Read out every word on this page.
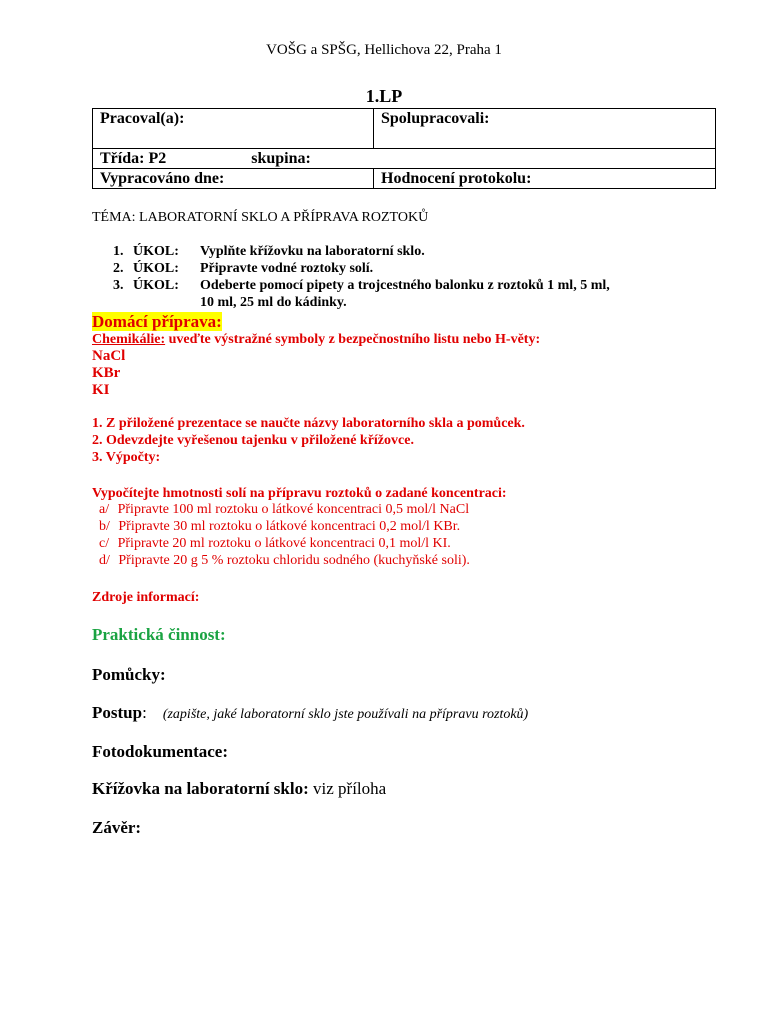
VOŠG a SPŠG, Hellichova 22, Praha 1
1.LP
Pracoval(a):	Spolupracovali:
Třída: P2 skupina:	
Vypracováno dne:	Hodnocení protokolu:
TÉMA: LABORATORNÍ SKLO A PŘÍPRAVA ROZTOKŮ
1. ÚKOL: Vyplňte křížovku na laboratorní sklo.
2. ÚKOL: Připravte vodné roztoky solí.
3. ÚKOL: Odeberte pomocí pipety a trojcestného balonku z roztoků 1 ml, 5 ml,
10 ml, 25 ml do kádinky.
Domácí příprava:
Chemikálie: uveďte výstražné symboly z bezpečnostního listu nebo H-věty:
NaCl
KBr
KI
1. Z přiložené prezentace se naučte názvy laboratorního skla a pomůcek.
2. Odevzdejte vyřešenou tajenku v přiložené křížovce.
3. Výpočty:
Vypočítejte hmotnosti solí na přípravu roztoků o zadané koncentraci:
a/ Připravte 100 ml roztoku o látkové koncentraci 0,5 mol/l NaCl
b/ Připravte 30 ml roztoku o látkové koncentraci 0,2 mol/l KBr.
c/ Připravte 20 ml roztoku o látkové koncentraci 0,1 mol/l KI.
d/ Připravte 20 g 5 % roztoku chloridu sodného (kuchyňské soli).
Zdroje informací:
Praktická činnost:
Pomůcky:
Postup: (zapište, jaké laboratorní sklo jste používali na přípravu roztoků)
Fotodokumentace:
Křížovka na laboratorní sklo: viz příloha
Závěr:
